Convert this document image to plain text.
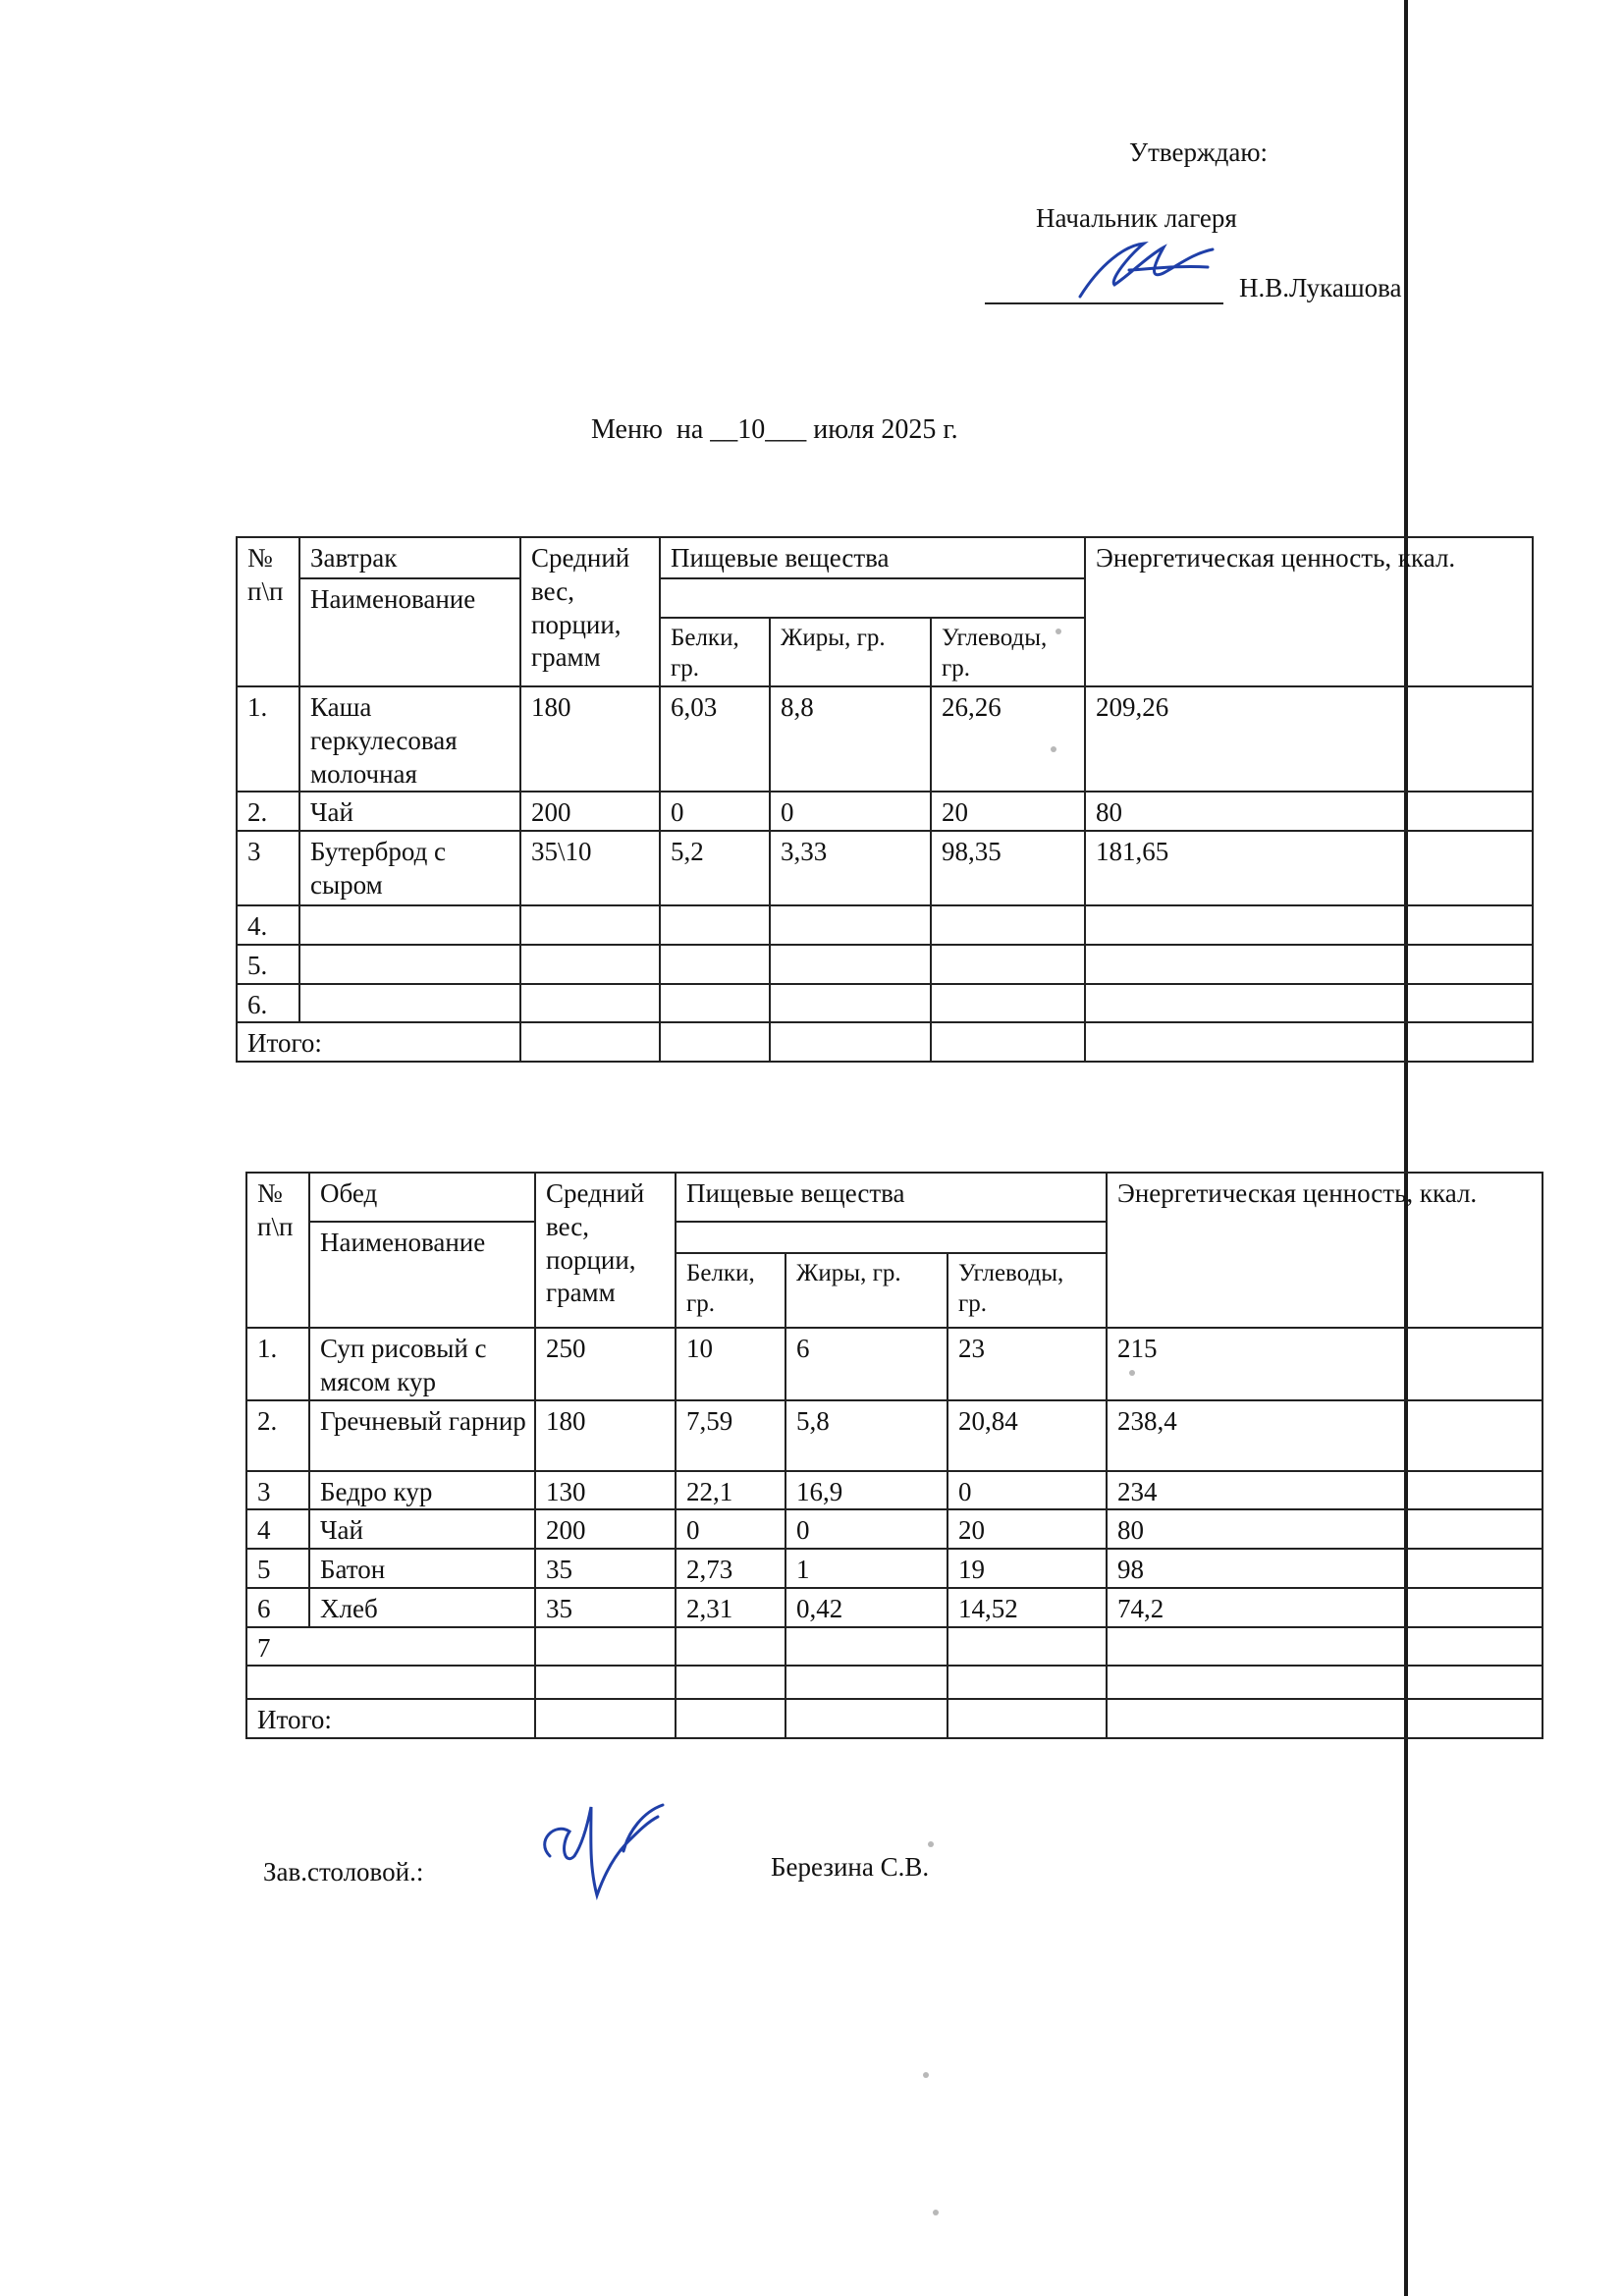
Утверждаю:
Начальник лагеря
Н.В.Лукашова
Меню  на __10___ июля 2025 г.
№ п\п	Завтрак	Средний вес, порции, грамм	Пищевые вещества			Энергетическая ценность, ккал.
	Наименование					
			Белки, гр.	Жиры, гр.	Углеводы, гр.	
1.	Каша геркулесовая молочная	180	6,03	8,8	26,26	209,26
2.	Чай	200	0	0	20	80
3	Бутерброд с сыром	35\10	5,2	3,33	98,35	181,65
4.						
5.						
6.						
Итого:						
№ п\п	Обед	Средний вес, порции, грамм	Пищевые вещества			Энергетическая ценность, ккал.
	Наименование					
			Белки, гр.	Жиры, гр.	Углеводы, гр.	
1.	Суп рисовый с мясом кур	250	10	6	23	215
2.	Гречневый гарнир	180	7,59	5,8	20,84	238,4
3	Бедро кур	130	22,1	16,9	0	234
4	Чай	200	0	0	20	80
5	Батон	35	2,73	1	19	98
6	Хлеб	35	2,31	0,42	14,52	74,2
7						

Итого:						
Зав.столовой.:	Березина С.В.
